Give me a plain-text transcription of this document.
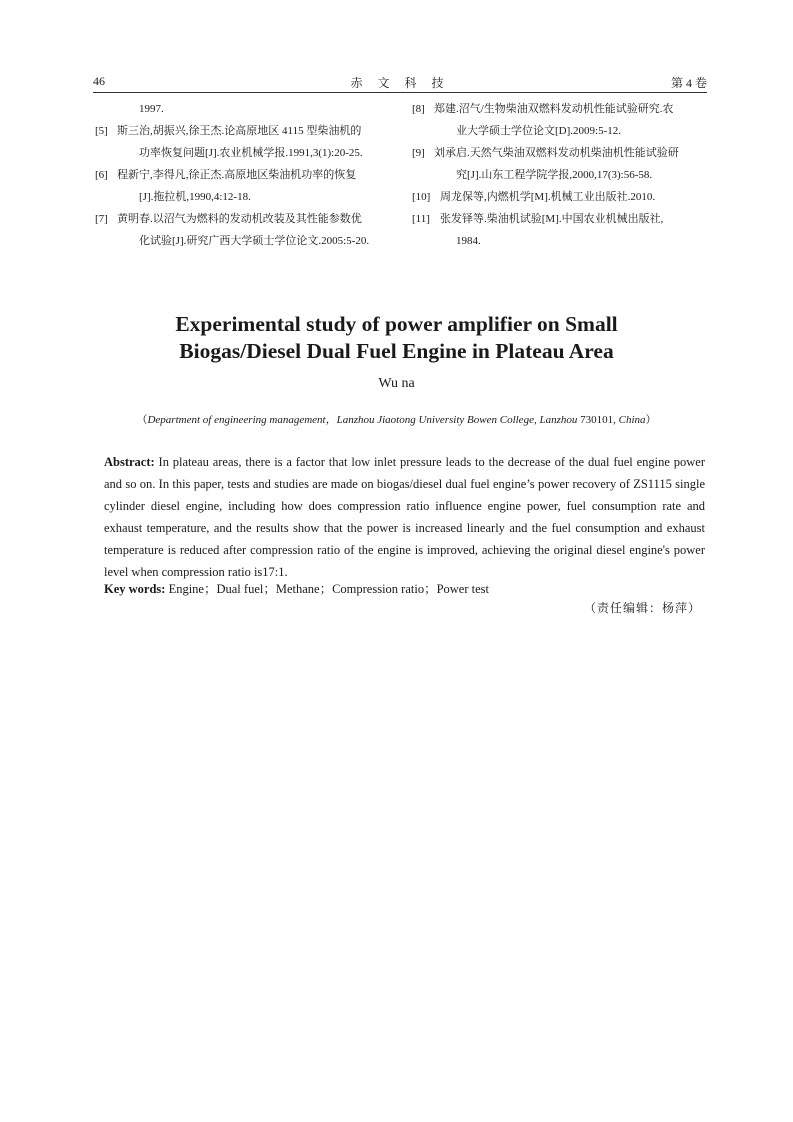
46	赤 文 科 技	第 4 卷
1997.
[5] 斯三治,胡振兴,徐王杰.论高原地区 4115 型柴油机的
功率恢复问题[J].农业机械学报.1991,3(1):20-25.
[6] 程新宁,李得凡,徐正杰.高原地区柴油机功率的恢复
[J].拖拉机,1990,4:12-18.
[7] 黄明春.以沼气为燃料的发动机改装及其性能参数优
化试验[J].研究广西大学硕士学位论文.2005:5-20.
[8] 郑建.沼气/生物柴油双燃料发动机性能试验研究.农
业大学硕士学位论文[D].2009:5-12.
[9] 刘承启.天然气柴油双燃料发动机柴油机性能试验研
究[J].山东工程学院学报,2000,17(3):56-58.
[10] 周龙保等,内燃机学[M].机械工业出版社.2010.
[11] 张发铎等.柴油机试验[M].中国农业机械出版社,
1984.
Experimental study of power amplifier on Small
Biogas/Diesel Dual Fuel Engine in Plateau Area
Wu na
（Department of engineering management，Lanzhou Jiaotong University Bowen College, Lanzhou 730101, China）
Abstract: In plateau areas, there is a factor that low inlet pressure leads to the decrease of the dual fuel engine power and so on. In this paper, tests and studies are made on biogas/diesel dual fuel engine’s power recovery of ZS1115 single cylinder diesel engine, including how does compression ratio influence engine power, fuel consumption rate and exhaust temperature, and the results show that the power is increased linearly and the fuel consumption and exhaust temperature is reduced after compression ratio of the engine is improved, achieving the original diesel engine's power level when compression ratio is17:1.
Key words: Engine；Dual fuel；Methane；Compression ratio；Power test
（责任编辑：杨萍）
